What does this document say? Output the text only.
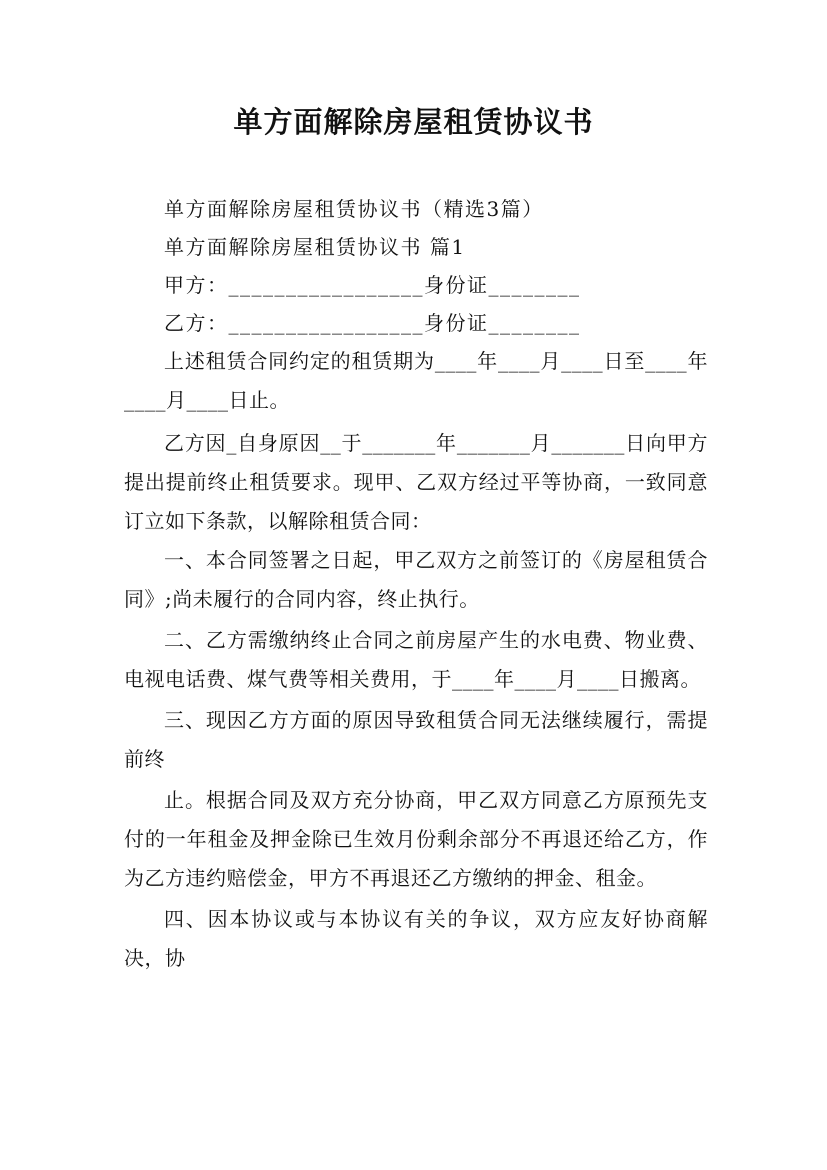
单方面解除房屋租赁协议书
单方面解除房屋租赁协议书（精选3篇）
单方面解除房屋租赁协议书 篇1
甲方：_________________身份证________
乙方：_________________身份证________

上述租赁合同约定的租赁期为____年____月____日至____年____月____日止。

乙方因_自身原因__于_______年_______月_______日向甲方提出提前终止租赁要求。现甲、乙双方经过平等协商，一致同意订立如下条款，以解除租赁合同：

一、本合同签署之日起，甲乙双方之前签订的《房屋租赁合同》;尚未履行的合同内容，终止执行。

二、乙方需缴纳终止合同之前房屋产生的水电费、物业费、电视电话费、煤气费等相关费用，于____年____月____日搬离。

三、现因乙方方面的原因导致租赁合同无法继续履行，需提前终

止。根据合同及双方充分协商，甲乙双方同意乙方原预先支付的一年租金及押金除已生效月份剩余部分不再退还给乙方，作为乙方违约赔偿金，甲方不再退还乙方缴纳的押金、租金。

四、因本协议或与本协议有关的争议，双方应友好协商解决，协
